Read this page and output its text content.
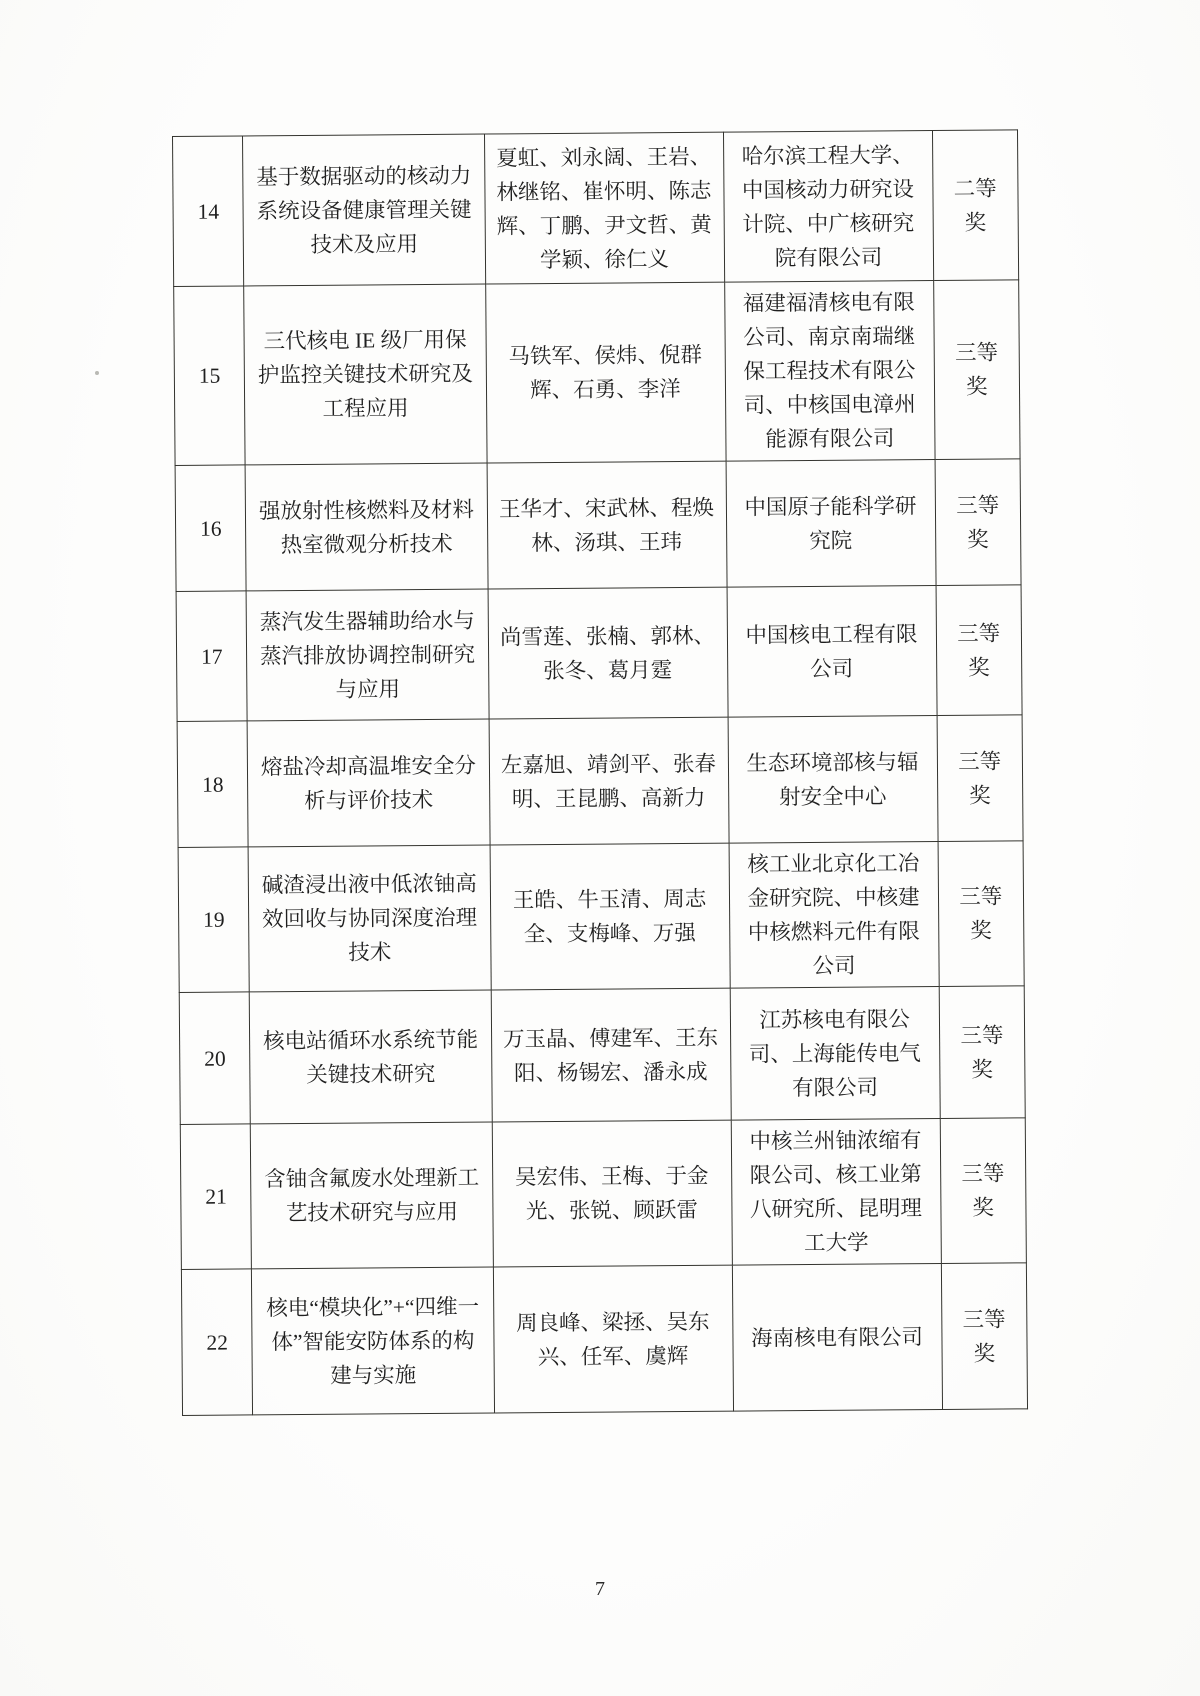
14	基于数据驱动的核动力系统设备健康管理关键技术及应用	夏虹、刘永阔、王岩、林继铭、崔怀明、陈志辉、丁鹏、尹文哲、黄学颖、徐仁义	哈尔滨工程大学、中国核动力研究设计院、中广核研究院有限公司	二等奖
15	三代核电 IE 级厂用保护监控关键技术研究及工程应用	马铁军、侯炜、倪群辉、石勇、李洋	福建福清核电有限公司、南京南瑞继保工程技术有限公司、中核国电漳州能源有限公司	三等奖
16	强放射性核燃料及材料热室微观分析技术	王华才、宋武林、程焕林、汤琪、王玮	中国原子能科学研究院	三等奖
17	蒸汽发生器辅助给水与蒸汽排放协调控制研究与应用	尚雪莲、张楠、郭林、张冬、葛月霆	中国核电工程有限公司	三等奖
18	熔盐冷却高温堆安全分析与评价技术	左嘉旭、靖剑平、张春明、王昆鹏、高新力	生态环境部核与辐射安全中心	三等奖
19	碱渣浸出液中低浓铀高效回收与协同深度治理技术	王皓、牛玉清、周志全、支梅峰、万强	核工业北京化工冶金研究院、中核建中核燃料元件有限公司	三等奖
20	核电站循环水系统节能关键技术研究	万玉晶、傅建军、王东阳、杨锡宏、潘永成	江苏核电有限公司、上海能传电气有限公司	三等奖
21	含铀含氟废水处理新工艺技术研究与应用	吴宏伟、王梅、于金光、张锐、顾跃雷	中核兰州铀浓缩有限公司、核工业第八研究所、昆明理工大学	三等奖
22	核电“模块化”+“四维一体”智能安防体系的构建与实施	周良峰、梁拯、吴东兴、任军、虞辉	海南核电有限公司	三等奖
7
